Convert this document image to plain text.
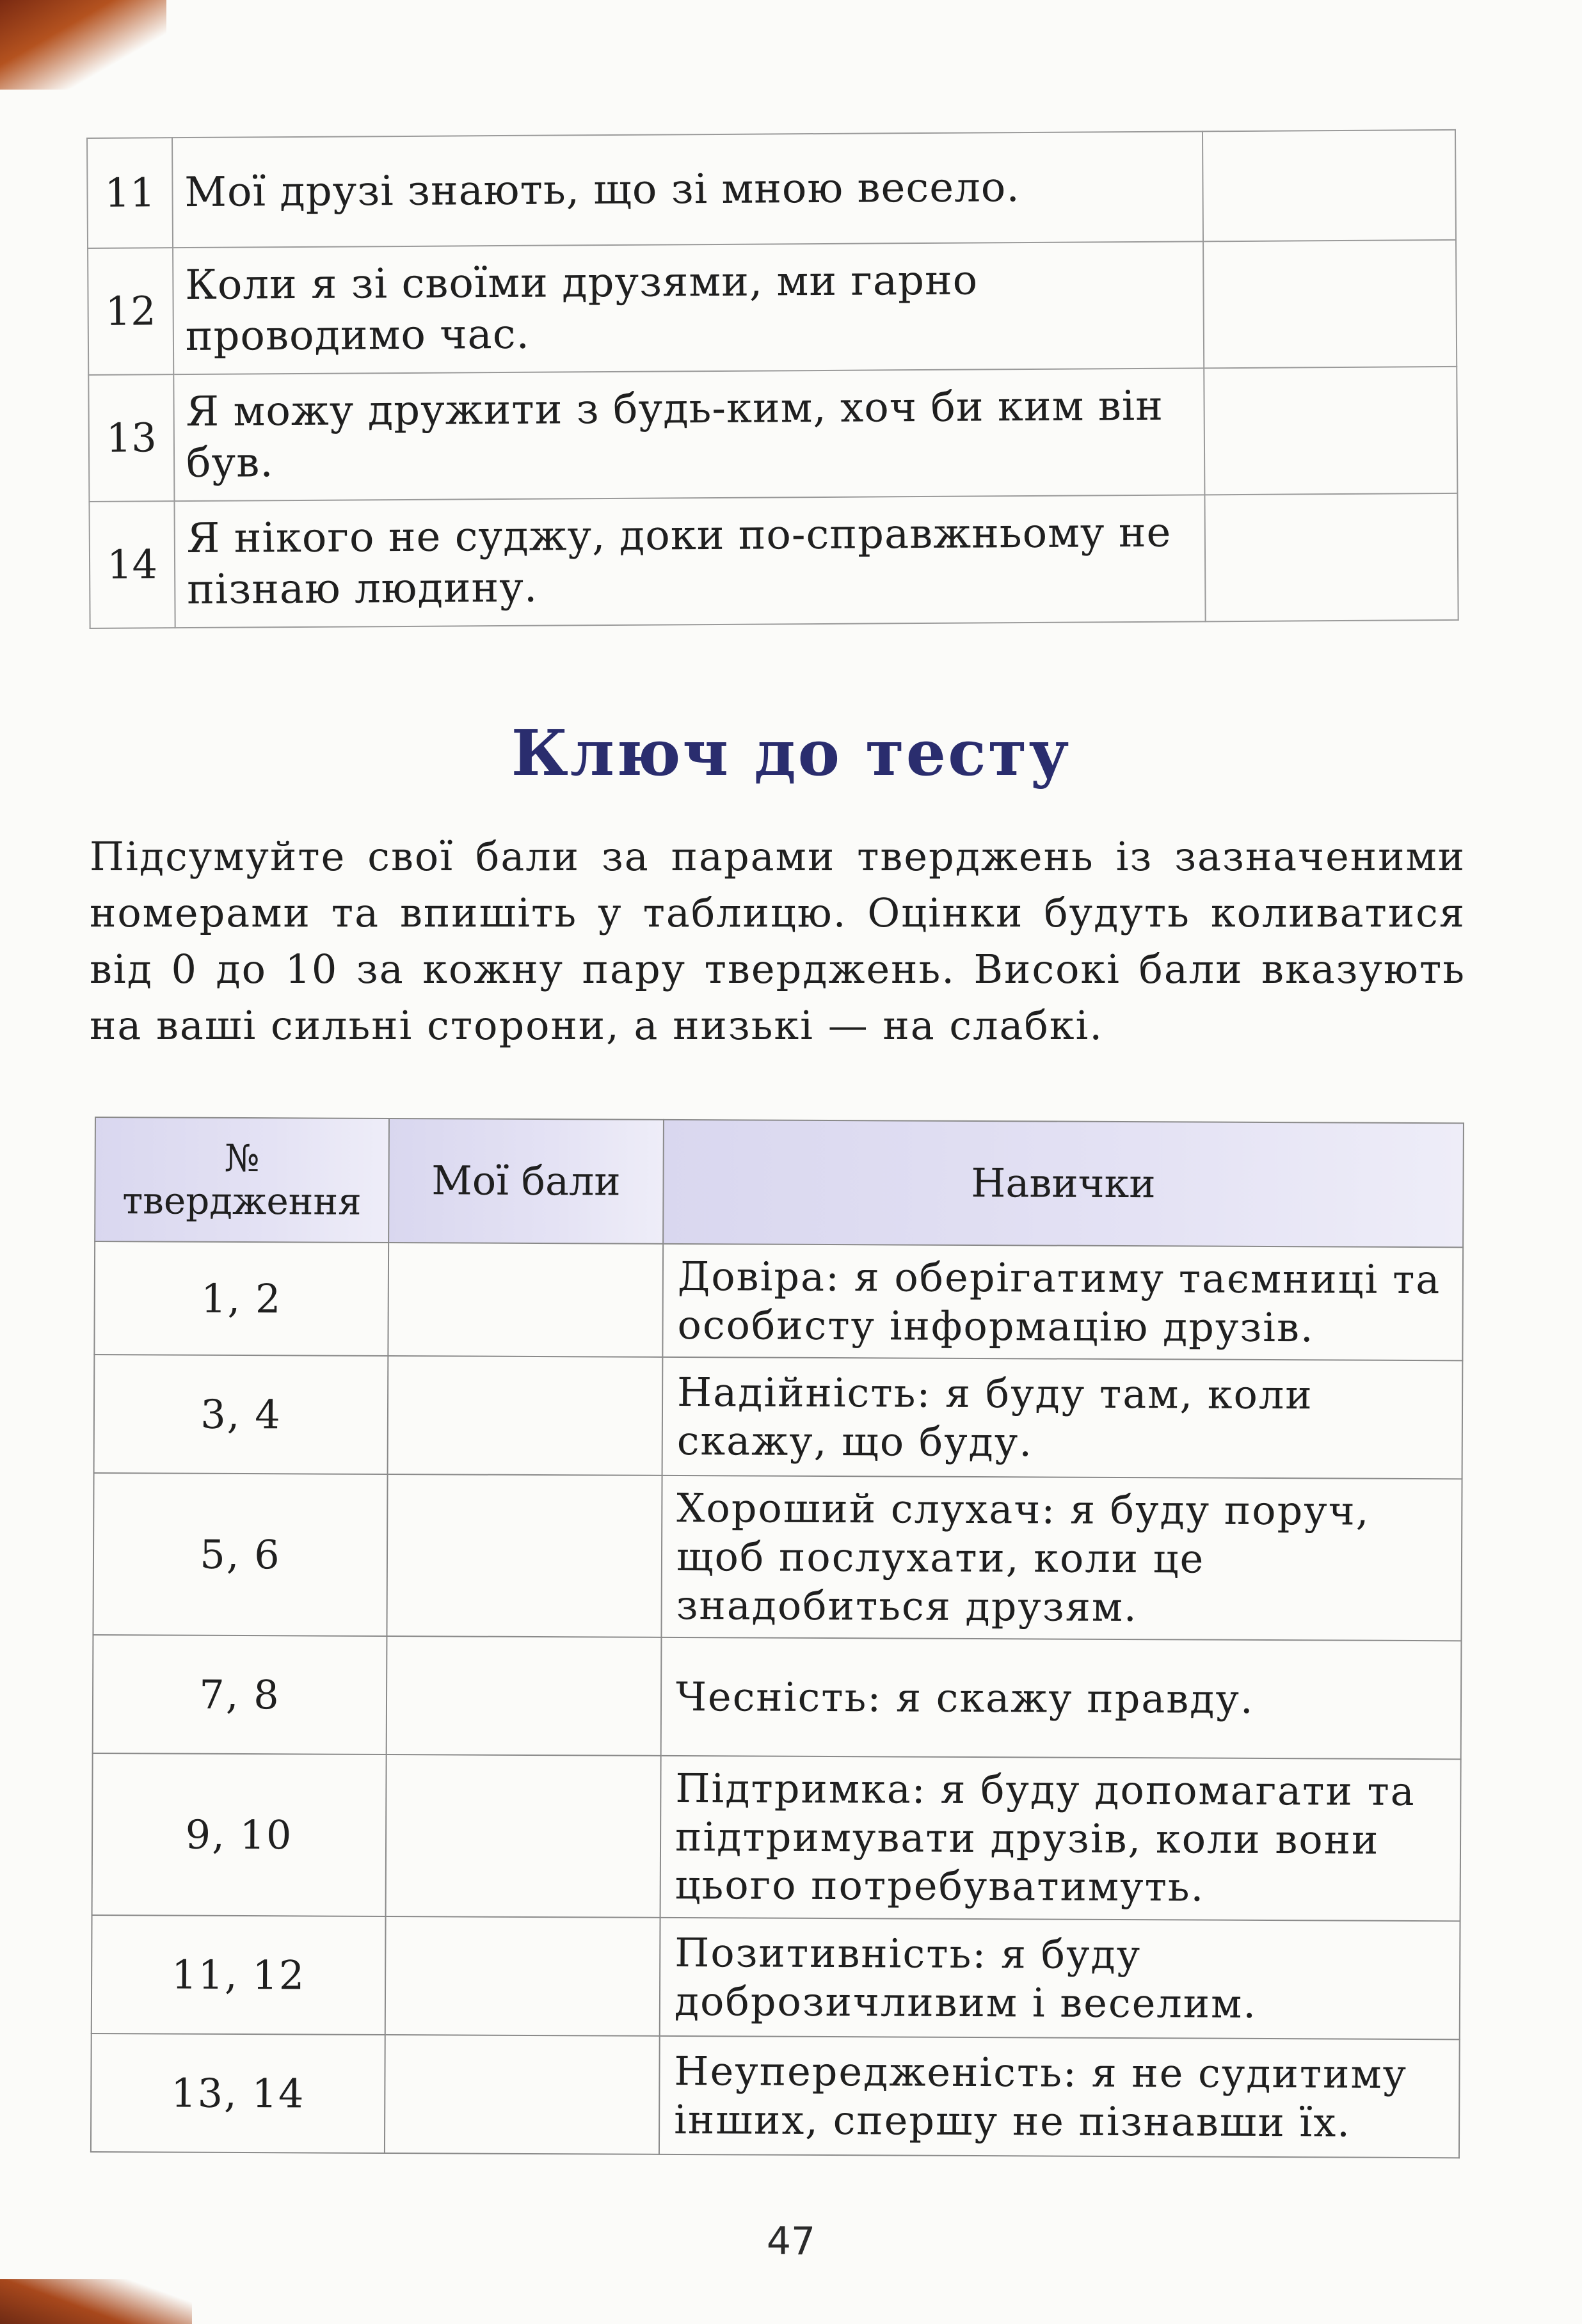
11	Мої друзі знають, що зі мною весело.	
12	Коли я зі своїми друзями, ми гарно проводимо час.	
13	Я можу дружити з будь-ким, хоч би ким він був.	
14	Я нікого не суджу, доки по-справжньому не пізнаю людину.	
Ключ до тесту

Підсумуйте свої бали за парами тверджень із зазначеними номерами та впишіть у таблицю. Оцінки будуть коливатися від 0 до 10 за кожну пару тверджень. Високі бали вказують на ваші сильні сторони, а низькі — на слабкі.

№
твердження	Мої бали	Навички
1, 2		Довіра: я оберігатиму таємниці та особисту інформацію друзів.
3, 4		Надійність: я буду там, коли скажу, що буду.
5, 6		Хороший слухач: я буду поруч, щоб послухати, коли це знадобиться друзям.
7, 8		Чесність: я скажу правду.
9, 10		Підтримка: я буду допомагати та підтримувати друзів, коли вони цього потребуватимуть.
11, 12		Позитивність: я буду доброзичливим і веселим.
13, 14		Неупередженість: я не судитиму інших, спершу не пізнавши їх.
47
